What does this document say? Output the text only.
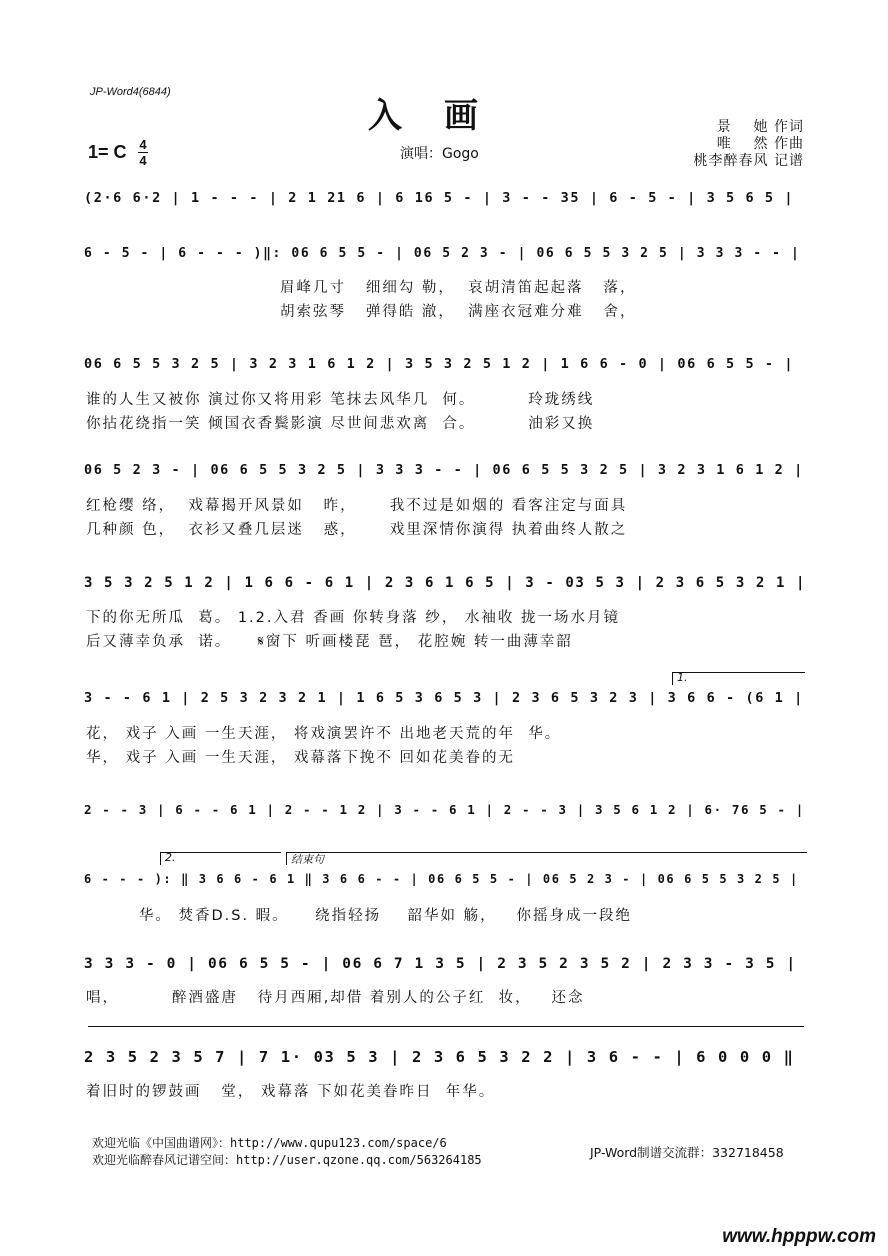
JP-Word4(6844)
入画	景    她 作词
唯    然 作曲
桃李醉春风 记谱
1= C 4
4	演唱：Gogo
(2·6 6·2 | 1 - - - | 2 1 21 6 | 6 16 5 - | 3 - - 35 | 6 - 5 - | 3 5 6 5 |
6 - 5 - | 6 - - - )‖: 06 6 5 5 - | 06 5 2 3 - | 06 6 5 5 3 2 5 | 3 3 3 - - |
眉峰几寸   细细勾 勒，  哀胡清笛起起落   落，
胡索弦琴   弹得皓 澈，  满座衣冠难分难   舍，
06 6 5 5 3 2 5 | 3 2 3 1 6 1 2 | 3 5 3 2 5 1 2 | 1 6 6 - 0 | 06 6 5 5 - |
谁的人生又被你 演过你又将用彩 笔抹去风华几  何。        玲珑绣线
你拈花绕指一笑 倾国衣香鬓影演 尽世间悲欢离  合。        油彩又换
06 5 2 3 - | 06 6 5 5 3 2 5 | 3 3 3 - - | 06 6 5 5 3 2 5 | 3 2 3 1 6 1 2 |
红枪缨 络，  戏幕揭开风景如   昨，     我不过是如烟的 看客注定与面具
几种颜 色，  衣衫又叠几层迷   惑，     戏里深情你演得 执着曲终人散之
3 5 3 2 5 1 2 | 1 6 6 - 6 1 | 2 3 6 1 6 5 | 3 - 03 5 3 | 2 3 6 5 3 2 1 |
下的你无所瓜  葛。 1.2.入君 香画 你转身落 纱， 水袖收 拢一场水月镜
后又薄幸负承  诺。    𝄋窗下 听画楼琵 琶， 花腔婉 转一曲薄幸韶
1.
3 - - 6 1 | 2 5 3 2 3 2 1 | 1 6 5 3 6 5 3 | 2 3 6 5 3 2 3 | 3 6 6 - (6 1 |
花， 戏子 入画 一生天涯， 将戏演罢许不 出地老天荒的年  华。
华， 戏子 入画 一生天涯， 戏幕落下挽不 回如花美眷的无
2 - - 3 | 6 - - 6 1 | 2 - - 1 2 | 3 - - 6 1 | 2 - - 3 | 3 5 6 1 2 | 6· 76 5 - |
2.	结束句
6 - - - ): ‖ 3 6 6 - 6 1 ‖ 3 6 6 - - | 06 6 5 5 - | 06 5 2 3 - | 06 6 5 5 3 2 5 |
华。 焚香D.S. 暇。    绕指轻扬    韶华如 觞，   你摇身成一段绝
3 3 3 - 0 | 06 6 5 5 - | 06 6 7 1 3 5 | 2 3 5 2 3 5 2 | 2 3 3 - 3 5 |
唱，        醉酒盛唐   待月西厢,却借 着别人的公子红  妆，   还念
2 3 5 2 3 5 7 | 7 1· 03 5 3 | 2 3 6 5 3 2 2 | 3 6 - - | 6 0 0 0 ‖
着旧时的锣鼓画   堂， 戏幕落 下如花美眷昨日  年华。
欢迎光临《中国曲谱网》：http://www.qupu123.com/space/6
欢迎光临醉春风记谱空间：http://user.qzone.qq.com/563264185	JP-Word制谱交流群：332718458
www.hpppw.com
